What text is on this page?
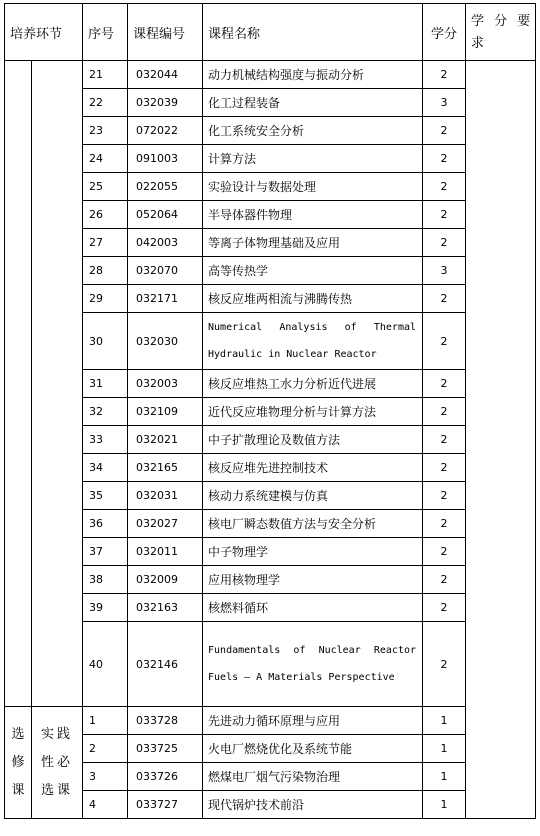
培养环节		序号	课程编号	课程名称	学分	学 分 要 求	
		21	032044	动力机械结构强度与振动分析	2		
		22	032039	化工过程装备	3		
		23	072022	化工系统安全分析	2		
		24	091003	计算方法	2		
		25	022055	实验设计与数据处理	2		
		26	052064	半导体器件物理	2		
		27	042003	等离子体物理基础及应用	2		
		28	032070	高等传热学	3		
		29	032171	核反应堆两相流与沸腾传热	2		
		30	032030	Numerical Analysis of Thermal Hydraulic in Nuclear Reactor	2		
		31	032003	核反应堆热工水力分析近代进展	2		
		32	032109	近代反应堆物理分析与计算方法	2		
		33	032021	中子扩散理论及数值方法	2		
		34	032165	核反应堆先进控制技术	2		
		35	032031	核动力系统建模与仿真	2		
		36	032027	核电厂瞬态数值方法与安全分析	2		
		37	032011	中子物理学	2		
		38	032009	应用核物理学	2		
		39	032163	核燃料循环	2		
		40	032146	Fundamentals of Nuclear Reactor Fuels – A Materials Perspective	2		

选修课	实践性必选课	1	033728	先进动力循环原理与应用	1	
		2	033725	火电厂燃烧优化及系统节能	1		
		3	033726	燃煤电厂烟气污染物治理	1		
		4	033727	现代锅炉技术前沿	1		
